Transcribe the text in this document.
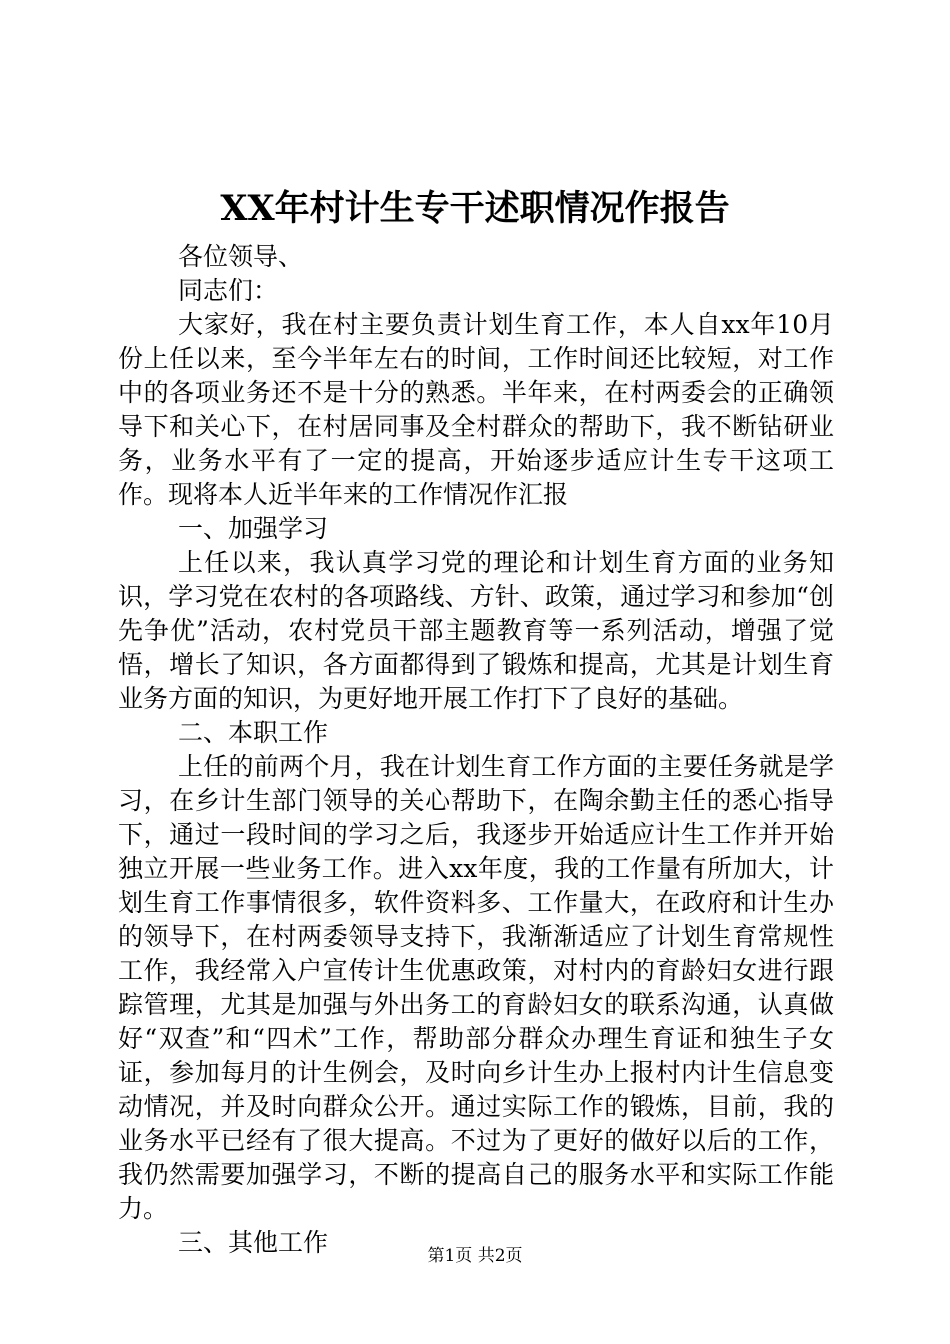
XX年村计生专干述职情况作报告

各位领导、

同志们：

大家好，我在村主要负责计划生育工作，本人自xx年10月份上任以来，至今半年左右的时间，工作时间还比较短，对工作中的各项业务还不是十分的熟悉。半年来，在村两委会的正确领导下和关心下，在村居同事及全村群众的帮助下，我不断钻研业务，业务水平有了一定的提高，开始逐步适应计生专干这项工作。现将本人近半年来的工作情况作汇报

一、加强学习

上任以来，我认真学习党的理论和计划生育方面的业务知识，学习党在农村的各项路线、方针、政策，通过学习和参加“创先争优”活动，农村党员干部主题教育等一系列活动，增强了觉悟，增长了知识，各方面都得到了锻炼和提高，尤其是计划生育业务方面的知识，为更好地开展工作打下了良好的基础。

二、本职工作

上任的前两个月，我在计划生育工作方面的主要任务就是学习，在乡计生部门领导的关心帮助下，在陶余勤主任的悉心指导下，通过一段时间的学习之后，我逐步开始适应计生工作并开始独立开展一些业务工作。进入xx年度，我的工作量有所加大，计划生育工作事情很多，软件资料多、工作量大，在政府和计生办的领导下，在村两委领导支持下，我渐渐适应了计划生育常规性工作，我经常入户宣传计生优惠政策，对村内的育龄妇女进行跟踪管理，尤其是加强与外出务工的育龄妇女的联系沟通，认真做好“双查”和“四术”工作，帮助部分群众办理生育证和独生子女证，参加每月的计生例会，及时向乡计生办上报村内计生信息变动情况，并及时向群众公开。通过实际工作的锻炼，目前，我的业务水平已经有了很大提高。不过为了更好的做好以后的工作，我仍然需要加强学习，不断的提高自己的服务水平和实际工作能力。

三、其他工作	第1页 共2页
